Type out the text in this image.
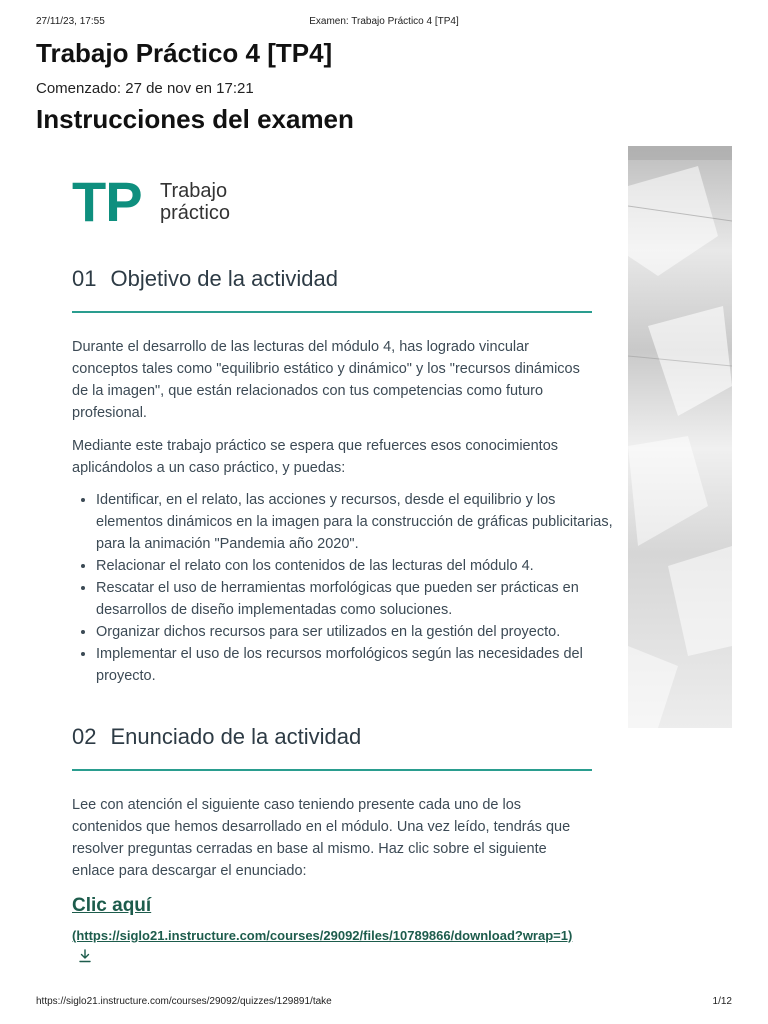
27/11/23, 17:55	Examen: Trabajo Práctico 4 [TP4]
Trabajo Práctico 4 [TP4]
Comenzado: 27 de nov en 17:21
Instrucciones del examen
TP Trabajo
práctico
01 Objetivo de la actividad

Durante el desarrollo de las lecturas del módulo 4, has logrado vincular conceptos tales como "equilibrio estático y dinámico" y los "recursos dinámicos de la imagen", que están relacionados con tus competencias como futuro profesional.

Mediante este trabajo práctico se espera que refuerces esos conocimientos aplicándolos a un caso práctico, y puedas:

• Identificar, en el relato, las acciones y recursos, desde el equilibrio y los elementos dinámicos en la imagen para la construcción de gráficas publicitarias, para la animación "Pandemia año 2020".
• Relacionar el relato con los contenidos de las lecturas del módulo 4.
• Rescatar el uso de herramientas morfológicas que pueden ser prácticas en desarrollos de diseño implementadas como soluciones.
• Organizar dichos recursos para ser utilizados en la gestión del proyecto.
• Implementar el uso de los recursos morfológicos según las necesidades del proyecto.
02 Enunciado de la actividad

Lee con atención el siguiente caso teniendo presente cada uno de los contenidos que hemos desarrollado en el módulo. Una vez leído, tendrás que resolver preguntas cerradas en base al mismo. Haz clic sobre el siguiente enlace para descargar el enunciado:

Clic aquí
(https://siglo21.instructure.com/courses/29092/files/10789866/download?wrap=1)
https://siglo21.instructure.com/courses/29092/quizzes/129891/take	1/12
